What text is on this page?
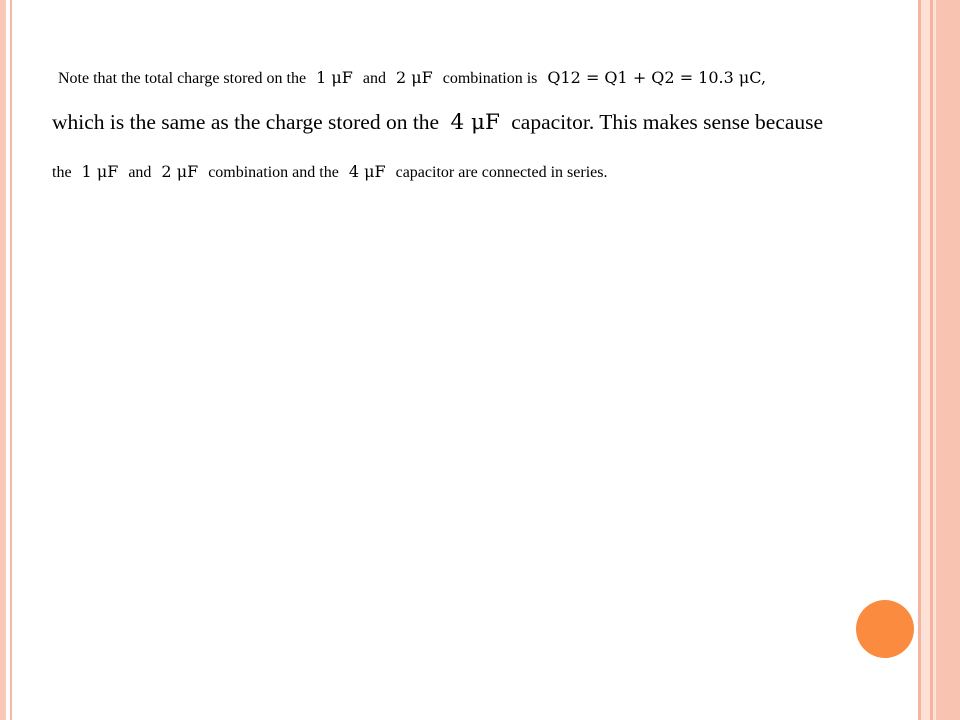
Note that the total charge stored on the 1 μF and 2 μF combination is Q12 = Q1 + Q2 = 10.3 μC,
which is the same as the charge stored on the 4 μF capacitor. This makes sense because
the 1 μF and 2 μF combination and the 4 μF capacitor are connected in series.
